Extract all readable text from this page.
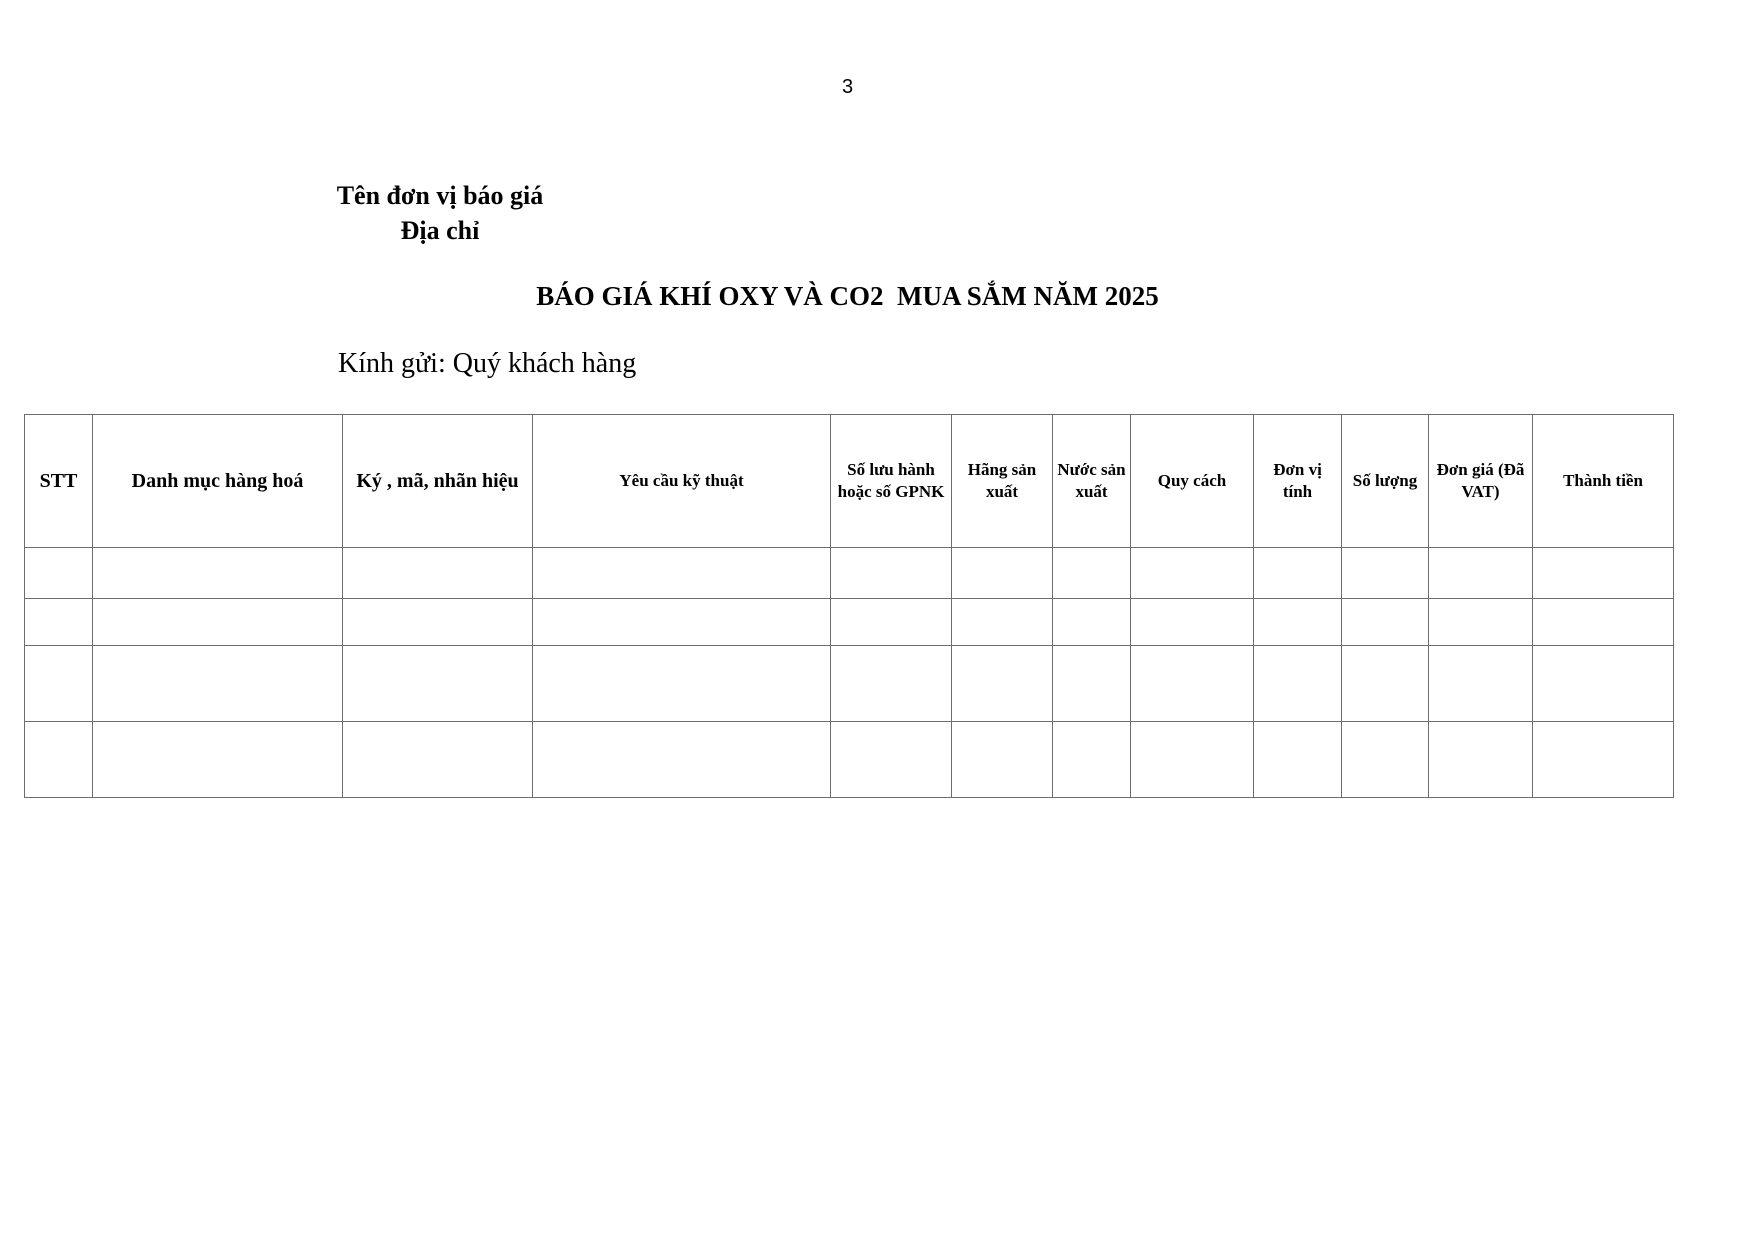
3
Tên đơn vị báo giá
Địa chỉ
BÁO GIÁ KHÍ OXY VÀ CO2  MUA SẮM NĂM 2025
Kính gửi: Quý khách hàng
STT	Danh mục hàng hoá	Ký , mã, nhãn hiệu	Yêu cầu kỹ thuật	Số lưu hành hoặc số GPNK	Hãng sản xuất	Nước sản xuất	Quy cách	Đơn vị tính	Số lượng	Đơn giá (Đã VAT)	Thành tiền
